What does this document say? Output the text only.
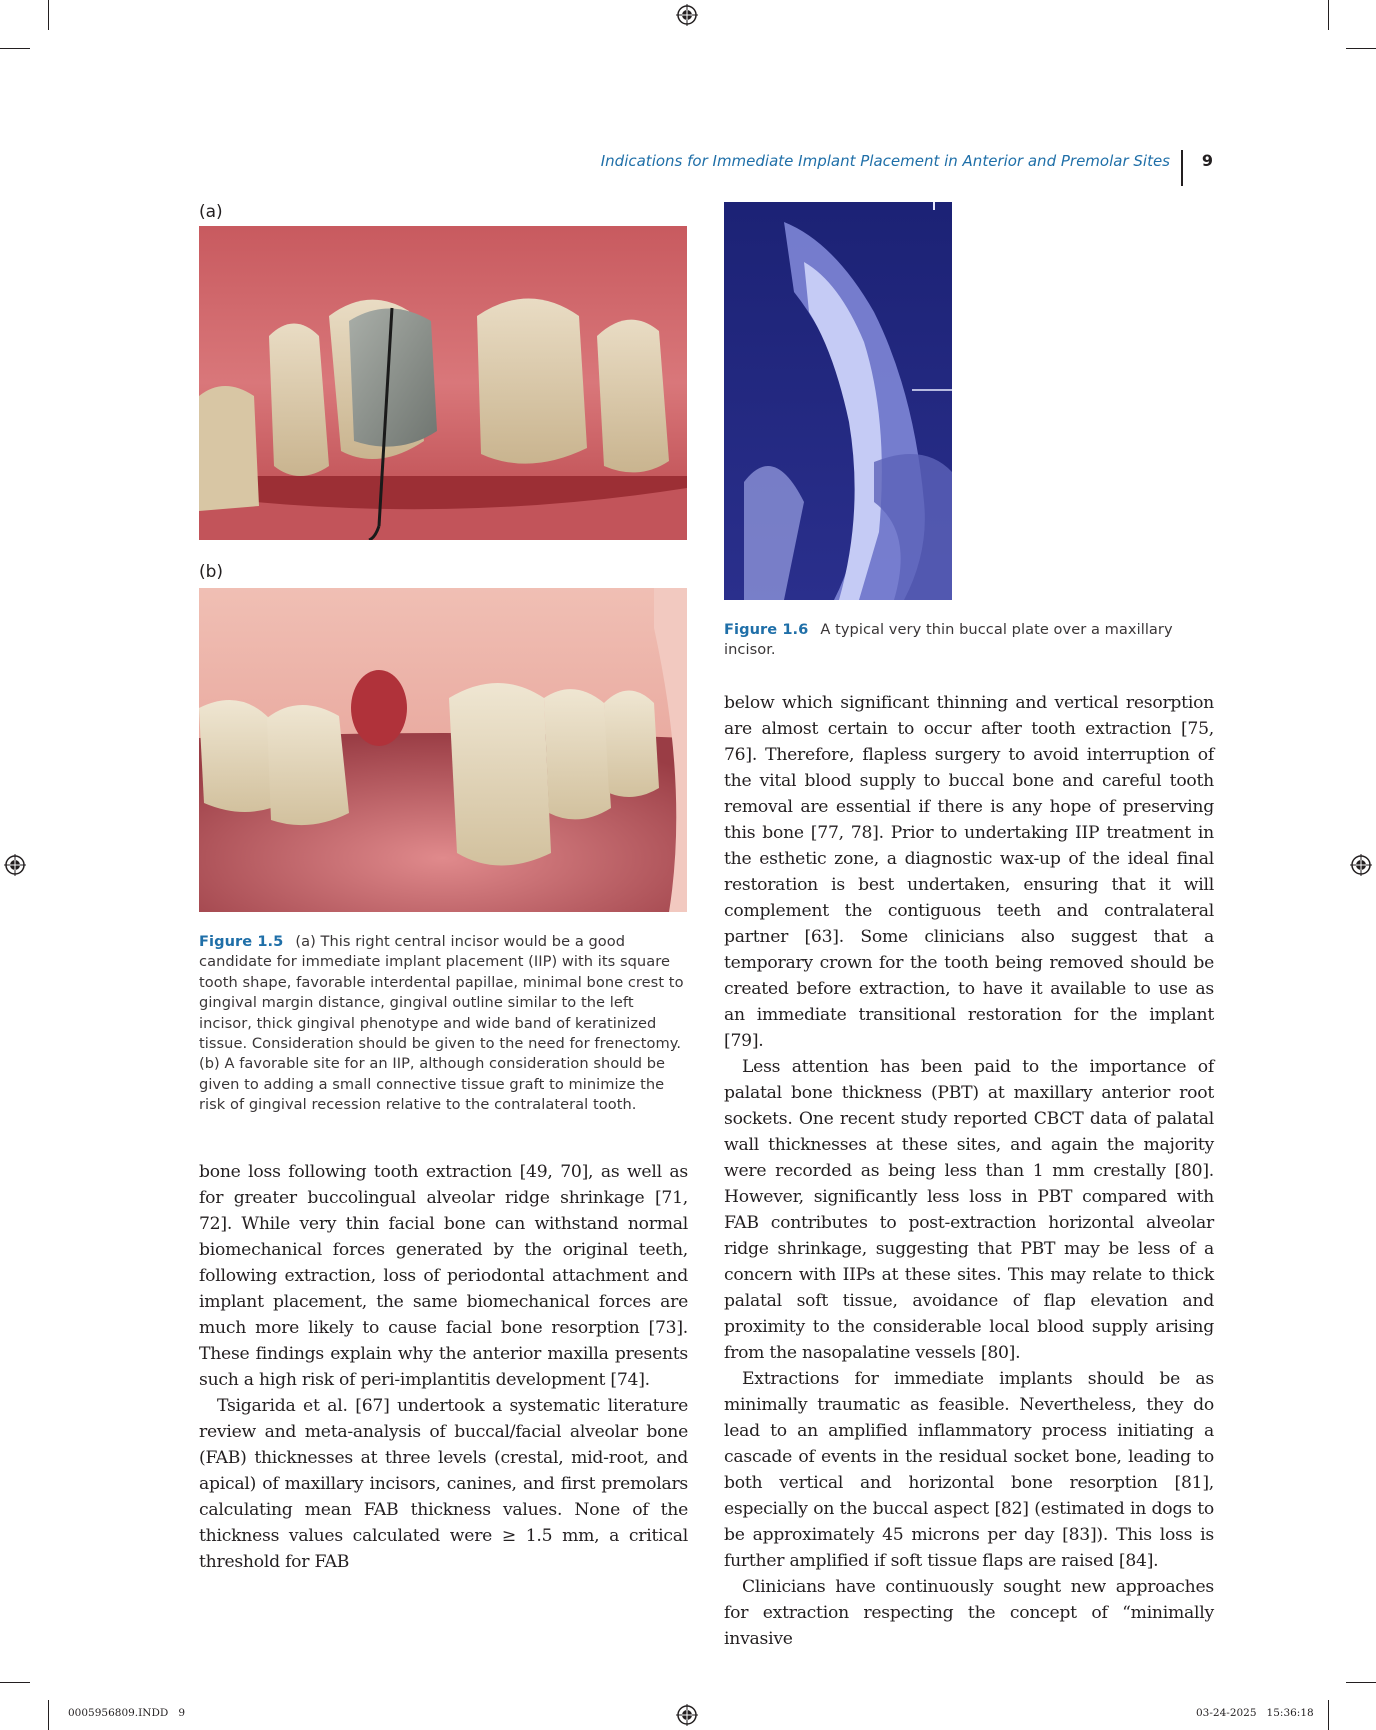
Indications for Immediate Implant Placement in Anterior and Premolar Sites 9
(a)
(b)
Figure 1.5 (a) This right central incisor would be a good candidate for immediate implant placement (IIP) with its square tooth shape, favorable interdental papillae, minimal bone crest to gingival margin distance, gingival outline similar to the left incisor, thick gingival phenotype and wide band of keratinized tissue. Consideration should be given to the need for frenectomy. (b) A favorable site for an IIP, although consideration should be given to adding a small connective tissue graft to minimize the risk of gingival recession relative to the contralateral tooth.
Figure 1.6 A typical very thin buccal plate over a maxillary incisor.

bone loss following tooth extraction [49, 70], as well as for greater buccolingual alveolar ridge shrinkage [71, 72]. While very thin facial bone can withstand normal biomechanical forces generated by the original teeth, following extraction, loss of periodontal attachment and implant placement, the same biomechanical forces are much more likely to cause facial bone resorption [73]. These findings explain why the anterior maxilla presents such a high risk of peri-implantitis development [74].

Tsigarida et al. [67] undertook a systematic literature review and meta-analysis of buccal/facial alveolar bone (FAB) thicknesses at three levels (crestal, mid-root, and apical) of maxillary incisors, canines, and first premolars calculating mean FAB thickness values. None of the thickness values calculated were ≥ 1.5 mm, a critical threshold for FAB

below which significant thinning and vertical resorption are almost certain to occur after tooth extraction [75, 76]. Therefore, flapless surgery to avoid interruption of the vital blood supply to buccal bone and careful tooth removal are essential if there is any hope of preserving this bone [77, 78]. Prior to undertaking IIP treatment in the esthetic zone, a diagnostic wax-up of the ideal final restoration is best undertaken, ensuring that it will complement the contiguous teeth and contralateral partner [63]. Some clinicians also suggest that a temporary crown for the tooth being removed should be created before extraction, to have it available to use as an immediate transitional restoration for the implant [79].

Less attention has been paid to the importance of palatal bone thickness (PBT) at maxillary anterior root sockets. One recent study reported CBCT data of palatal wall thicknesses at these sites, and again the majority were recorded as being less than 1 mm crestally [80]. However, significantly less loss in PBT compared with FAB contributes to post-extraction horizontal alveolar ridge shrinkage, suggesting that PBT may be less of a concern with IIPs at these sites. This may relate to thick palatal soft tissue, avoidance of flap elevation and proximity to the considerable local blood supply arising from the nasopalatine vessels [80].

Extractions for immediate implants should be as minimally traumatic as feasible. Nevertheless, they do lead to an amplified inflammatory process initiating a cascade of events in the residual socket bone, leading to both vertical and horizontal bone resorption [81], especially on the buccal aspect [82] (estimated in dogs to be approximately 45 microns per day [83]). This loss is further amplified if soft tissue flaps are raised [84].

Clinicians have continuously sought new approaches for extraction respecting the concept of “minimally invasive

0005956809.INDD   9	03-24-2025   15:36:18
